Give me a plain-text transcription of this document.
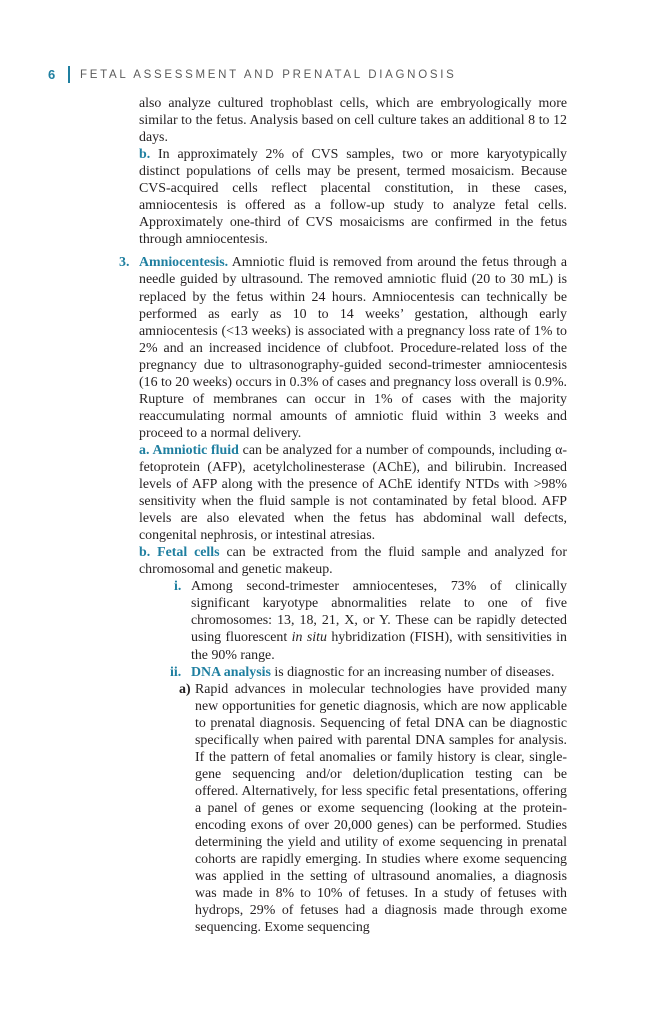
6	FETAL ASSESSMENT AND PRENATAL DIAGNOSIS

also analyze cultured trophoblast cells, which are embryologically more similar to the fetus. Analysis based on cell culture takes an additional 8 to 12 days.

b. In approximately 2% of CVS samples, two or more karyotypically distinct populations of cells may be present, termed mosaicism. Because CVS-acquired cells reflect placental constitution, in these cases, amniocentesis is offered as a follow-up study to analyze fetal cells. Approximately one-third of CVS mosaicisms are confirmed in the fetus through amniocentesis.

3. Amniocentesis. Amniotic fluid is removed from around the fetus through a needle guided by ultrasound. The removed amniotic fluid (20 to 30 mL) is replaced by the fetus within 24 hours. Amniocentesis can technically be performed as early as 10 to 14 weeks’ gestation, although early amniocentesis (<13 weeks) is associated with a pregnancy loss rate of 1% to 2% and an increased incidence of clubfoot. Procedure-related loss of the pregnancy due to ultrasonography-guided second-trimester amniocentesis (16 to 20 weeks) occurs in 0.3% of cases and pregnancy loss overall is 0.9%. Rupture of membranes can occur in 1% of cases with the majority reaccumulating normal amounts of amniotic fluid within 3 weeks and proceed to a normal delivery.

a. Amniotic fluid can be analyzed for a number of compounds, including α-fetoprotein (AFP), acetylcholinesterase (AChE), and bilirubin. Increased levels of AFP along with the presence of AChE identify NTDs with >98% sensitivity when the fluid sample is not contaminated by fetal blood. AFP levels are also elevated when the fetus has abdominal wall defects, congenital nephrosis, or intestinal atresias.

b. Fetal cells can be extracted from the fluid sample and analyzed for chromosomal and genetic makeup.

i. Among second-trimester amniocenteses, 73% of clinically significant karyotype abnormalities relate to one of five chromosomes: 13, 18, 21, X, or Y. These can be rapidly detected using fluorescent in situ hybridization (FISH), with sensitivities in the 90% range.

ii. DNA analysis is diagnostic for an increasing number of diseases.

a) Rapid advances in molecular technologies have provided many new opportunities for genetic diagnosis, which are now applicable to prenatal diagnosis. Sequencing of fetal DNA can be diagnostic specifically when paired with parental DNA samples for analysis. If the pattern of fetal anomalies or family history is clear, single-gene sequencing and/or deletion/duplication testing can be offered. Alternatively, for less specific fetal presentations, offering a panel of genes or exome sequencing (looking at the protein-encoding exons of over 20,000 genes) can be performed. Studies determining the yield and utility of exome sequencing in prenatal cohorts are rapidly emerging. In studies where exome sequencing was applied in the setting of ultrasound anomalies, a diagnosis was made in 8% to 10% of fetuses. In a study of fetuses with hydrops, 29% of fetuses had a diagnosis made through exome sequencing. Exome sequencing
